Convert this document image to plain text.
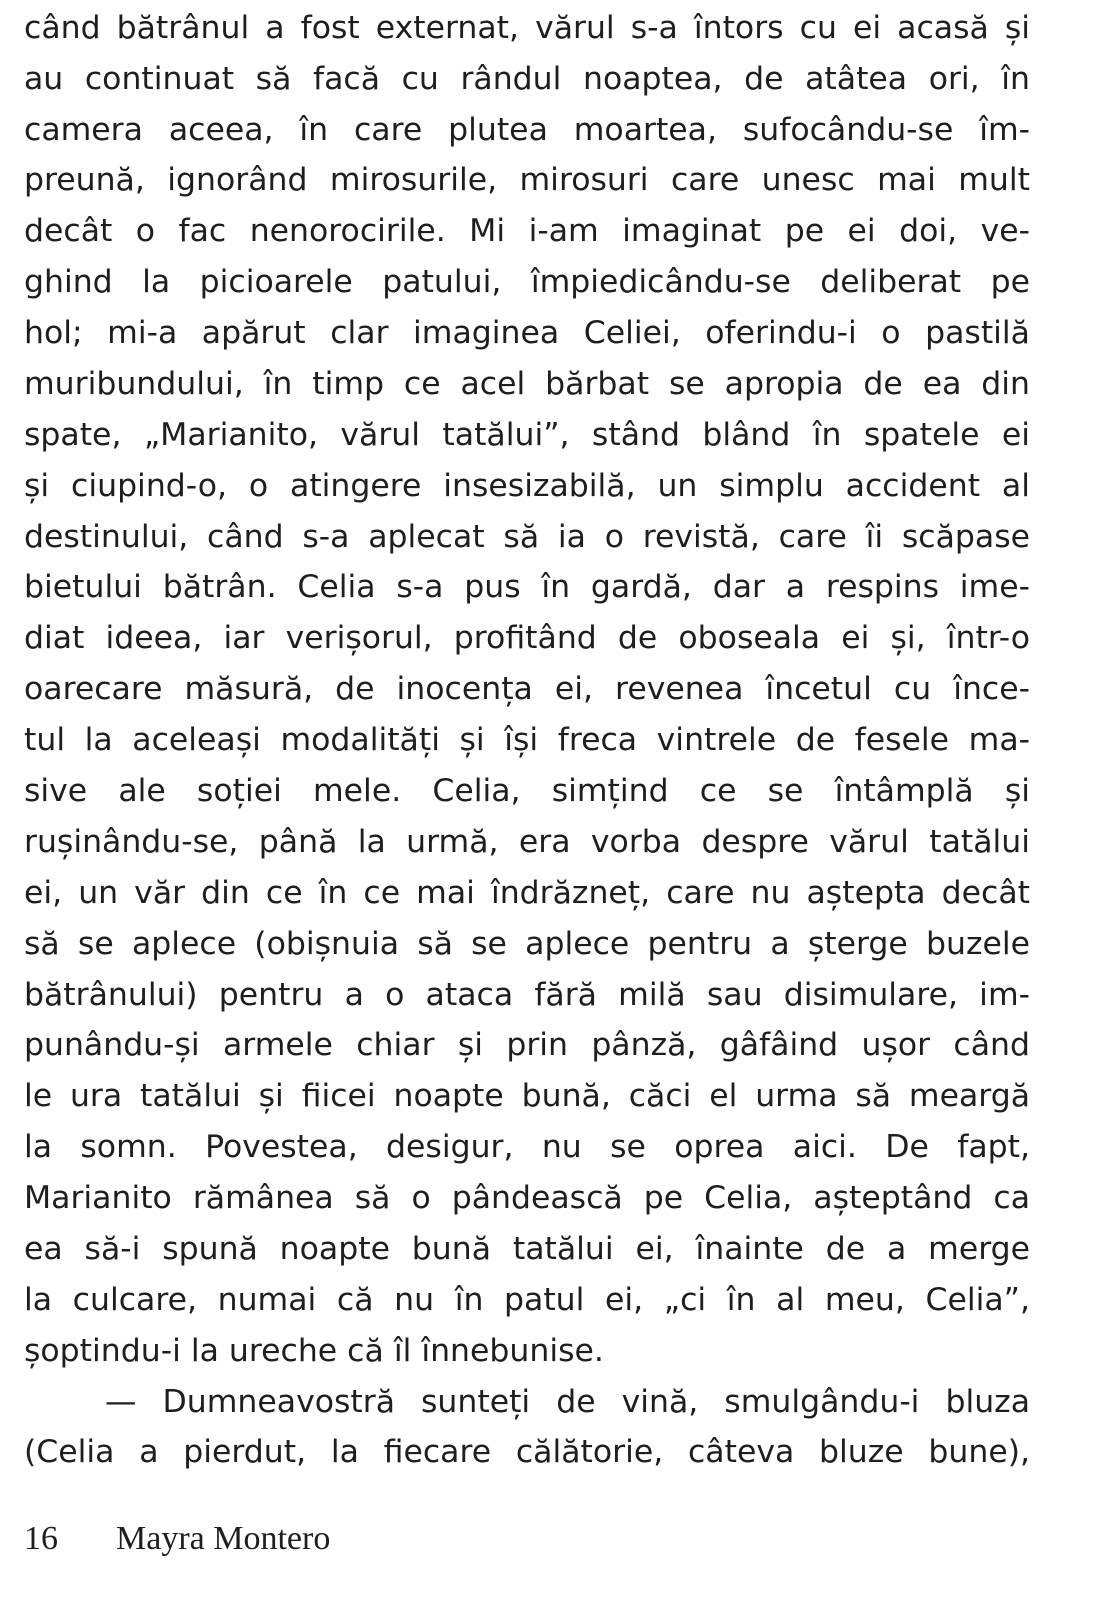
când bătrânul a fost externat, vărul s-a întors cu ei acasă și
au continuat să facă cu rândul noaptea, de atâtea ori, în
camera aceea, în care plutea moartea, sufocându-se îm-
preună, ignorând mirosurile, mirosuri care unesc mai mult
decât o fac nenorocirile. Mi i-am imaginat pe ei doi, ve-
ghind la picioarele patului, împiedicându-se deliberat pe
hol; mi-a apărut clar imaginea Celiei, oferindu-i o pastilă
muribundului, în timp ce acel bărbat se apropia de ea din
spate, „Marianito, vărul tatălui”, stând blând în spatele ei
și ciupind-o, o atingere insesizabilă, un simplu accident al
destinului, când s-a aplecat să ia o revistă, care îi scăpase
bietului bătrân. Celia s-a pus în gardă, dar a respins ime-
diat ideea, iar verișorul, profitând de oboseala ei și, într-o
oarecare măsură, de inocența ei, revenea încetul cu înce-
tul la aceleași modalități și își freca vintrele de fesele ma-
sive ale soției mele. Celia, simțind ce se întâmplă și
rușinându-se, până la urmă, era vorba despre vărul tatălui
ei, un văr din ce în ce mai îndrăzneț, care nu aștepta decât
să se aplece (obișnuia să se aplece pentru a șterge buzele
bătrânului) pentru a o ataca fără milă sau disimulare, im-
punându-și armele chiar și prin pânză, gâfâind ușor când
le ura tatălui și fiicei noapte bună, căci el urma să meargă
la somn. Povestea, desigur, nu se oprea aici. De fapt,
Marianito rămânea să o pândească pe Celia, așteptând ca
ea să-i spună noapte bună tatălui ei, înainte de a merge
la culcare, numai că nu în patul ei, „ci în al meu, Celia”,
șoptindu-i la ureche că îl înnebunise.
— Dumneavostră sunteți de vină, smulgându-i bluza
(Celia a pierdut, la fiecare călătorie, câteva bluze bune),
16 Mayra Montero
